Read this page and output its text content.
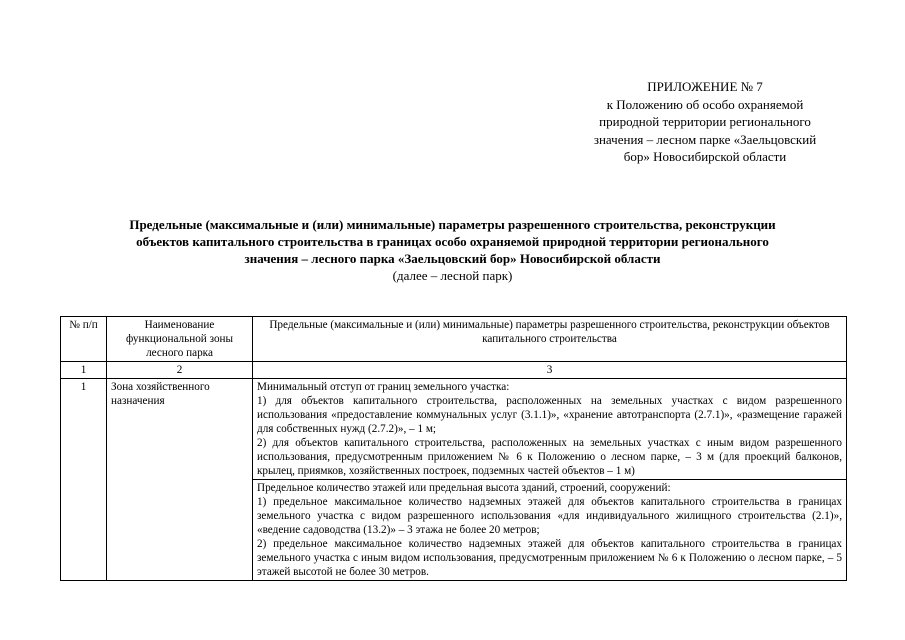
ПРИЛОЖЕНИЕ № 7
к Положению об особо охраняемой
природной территории регионального
значения – лесном парке «Заельцовский
бор» Новосибирской области
Предельные (максимальные и (или) минимальные) параметры разрешенного строительства, реконструкции
объектов капитального строительства в границах особо охраняемой природной территории регионального
значения – лесного парка «Заельцовский бор» Новосибирской области
(далее – лесной парк)
№ п/п	Наименование функциональной зоны лесного парка	Предельные (максимальные и (или) минимальные) параметры разрешенного строительства, реконструкции объектов капитального строительства
1	2	3
1	Зона хозяйственного назначения	Минимальный отступ от границ земельного участка:
1) для объектов капитального строительства, расположенных на земельных участках с видом разрешенного использования «предоставление коммунальных услуг (3.1.1)», «хранение автотранспорта (2.7.1)», «размещение гаражей для собственных нужд (2.7.2)», – 1 м;
2) для объектов капитального строительства, расположенных на земельных участках с иным видом разрешенного использования, предусмотренным приложением № 6 к Положению о лесном парке, – 3 м (для проекций балконов, крылец, приямков, хозяйственных построек, подземных частей объектов – 1 м)

		Предельное количество этажей или предельная высота зданий, строений, сооружений:
1) предельное максимальное количество надземных этажей для объектов капитального строительства в границах земельного участка с видом разрешенного использования «для индивидуального жилищного строительства (2.1)», «ведение садоводства (13.2)» – 3 этажа не более 20 метров;
2) предельное максимальное количество надземных этажей для объектов капитального строительства в границах земельного участка с иным видом использования, предусмотренным приложением № 6 к Положению о лесном парке, – 5 этажей высотой не более 30 метров.
